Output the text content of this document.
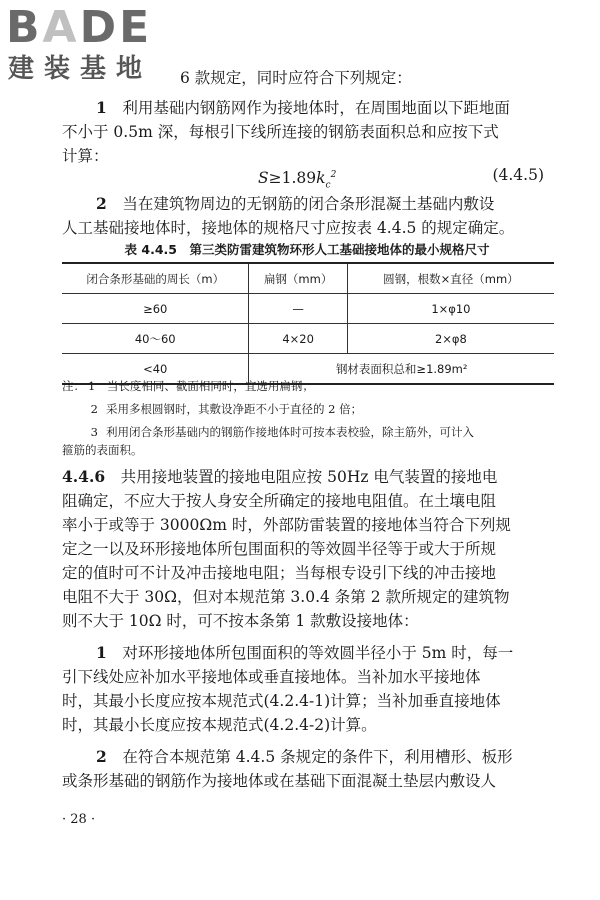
BADE
建装基地 6 款规定，同时应符合下列规定：
1　 利用基础内钢筋网作为接地体时，在周围地面以下距地面
不小于 0.5m 深，每根引下线所连接的钢筋表面积总和应按下式
计算：
$S\ge 1.89k_c^2$	(4.4.5)
2　 当在建筑物周边的无钢筋的闭合条形混凝土基础内敷设
人工基础接地体时，接地体的规格尺寸应按表 4.4.5 的规定确定。
表 4.4.5　第三类防雷建筑物环形人工基础接地体的最小规格尺寸
闭合条形基础的周长（m）	扁钢（mm）	圆钢，根数×直径（mm）
≥60	—	1×φ10
40～60	4×20	2×φ8
<40	钢材表面积总和≥1.89m²	
注： 1　 当长度相同、截面相同时，宜选用扁钢；
2 采用多根圆钢时，其敷设净距不小于直径的 2 倍；
3 利用闭合条形基础内的钢筋作接地体时可按本表校验，除主筋外，可计入
箍筋的表面积。
4.4.6　 共用接地装置的接地电阻应按 50Hz 电气装置的接地电
阻确定，不应大于按人身安全所确定的接地电阻值。在土壤电阻
率小于或等于 3000Ωm 时，外部防雷装置的接地体当符合下列规
定之一以及环形接地体所包围面积的等效圆半径等于或大于所规
定的值时可不计及冲击接地电阻；当每根专设引下线的冲击接地
电阻不大于 30Ω，但对本规范第 3.0.4 条第 2 款所规定的建筑物
则不大于 10Ω 时，可不按本条第 1 款敷设接地体：
1　 对环形接地体所包围面积的等效圆半径小于 5m 时，每一
引下线处应补加水平接地体或垂直接地体。当补加水平接地体
时，其最小长度应按本规范式(4.2.4-1)计算；当补加垂直接地体
时，其最小长度应按本规范式(4.2.4-2)计算。
2　 在符合本规范第 4.4.5 条规定的条件下，利用槽形、板形
或条形基础的钢筋作为接地体或在基础下面混凝土垫层内敷设人
· 28 ·
